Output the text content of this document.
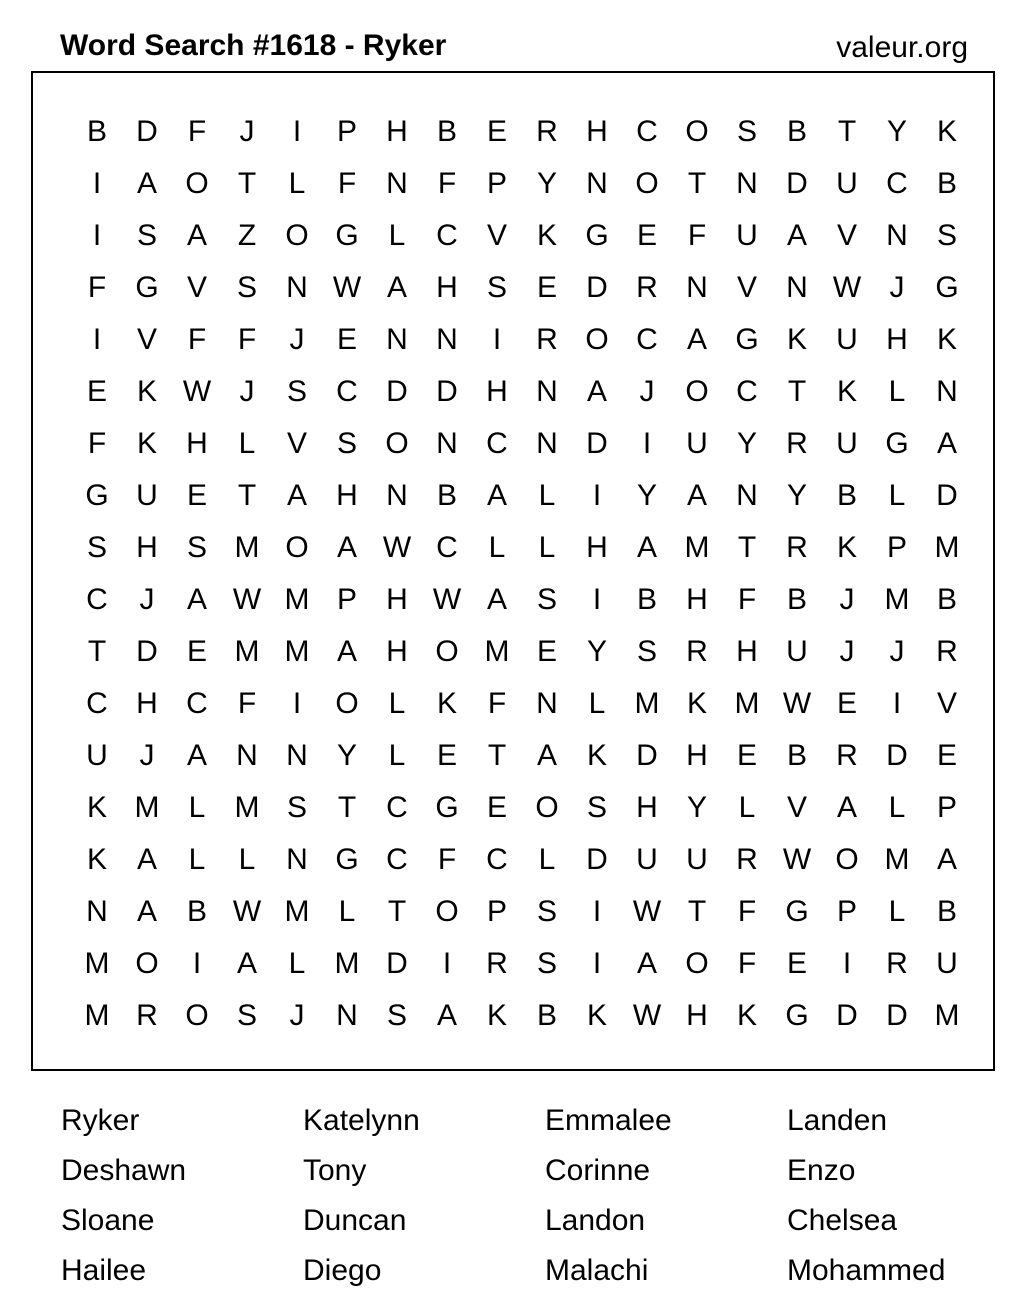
Word Search #1618 - Ryker	valeur.org
B D	F	J	I	P H B E R H C O S B	T	Y K
I	A O T	L	F	N	F	P Y N O T	N D U C B
I	S A	Z O G L	C V K G E	F	U A V N S
F G V S N W A H S E D R N V N W J	G
I	V	F	F	J	E N N	I	R O C A G K U H K
E K W J	S C D D H N A	J	O C	T	K	L	N
F	K H	L	V S O N C N D	I	U Y R U G A
G U E	T	A H N B A	L	I	Y A N Y B	L	D
S H S M O A W C	L	L	H A M T	R K P M
C	J	A W M P H W A S	I	B H	F	B	J	M B
T	D E M M A H O M E Y S R H U	J	J	R
C H C	F	I	O L	K	F	N	L M K M W E	I	V
U	J	A N N Y	L	E	T	A K D H E B R D E
K M L M S	T	C G E O S H Y	L	V A	L	P
K A	L	L	N G C	F	C	L	D U U R W O M A
N A B W M L	T O P S	I	W T	F G P	L	B
M O	I	A	L M D	I	R S	I	A O F	E	I	R U
M R O S	J	N S A K B K W H K G D D M
Ryker	Katelynn	Emmalee	Landen
Deshawn	Tony	Corinne	Enzo
Sloane	Duncan	Landon	Chelsea
Hailee	Diego	Malachi	Mohammed
